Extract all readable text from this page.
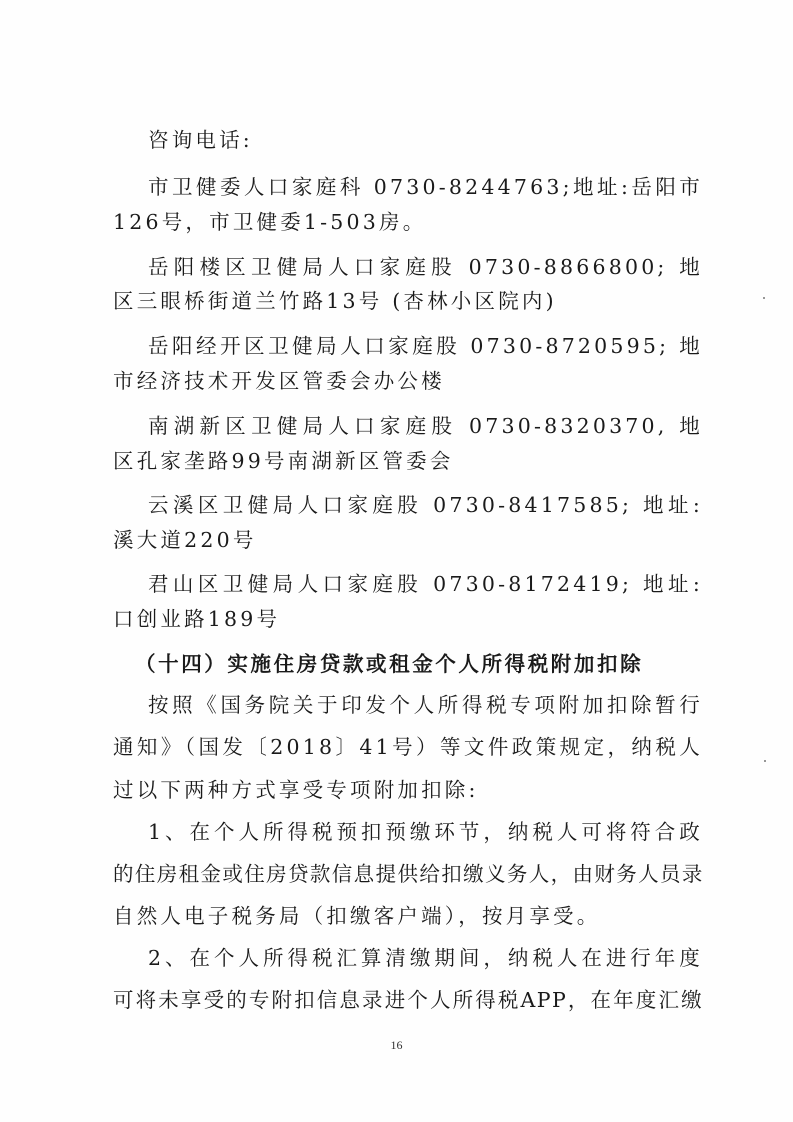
咨询电话:
市卫健委人口家庭科 0730-8244763;地址:岳阳市
126号，市卫健委1-503房。
岳阳楼区卫健局人口家庭股 0730-8866800; 地
区三眼桥街道兰竹路13号 (杏林小区院内)
岳阳经开区卫健局人口家庭股 0730-8720595; 地
市经济技术开发区管委会办公楼
南湖新区卫健局人口家庭股 0730-8320370, 地
区孔家垄路99号南湖新区管委会
云溪区卫健局人口家庭股 0730-8417585; 地址:
溪大道220号
君山区卫健局人口家庭股 0730-8172419; 地址:
口创业路189号
（十四）实施住房贷款或租金个人所得税附加扣除
按照《国务院关于印发个人所得税专项附加扣除暂行
通知》（国发〔2018〕41号）等文件政策规定，纳税人
过以下两种方式享受专项附加扣除:
1、在个人所得税预扣预缴环节，纳税人可将符合政
的住房租金或住房贷款信息提供给扣缴义务人，由财务人员录
自然人电子税务局（扣缴客户端），按月享受。
2、在个人所得税汇算清缴期间，纳税人在进行年度
可将未享受的专附扣信息录进个人所得税APP，在年度汇缴
16
